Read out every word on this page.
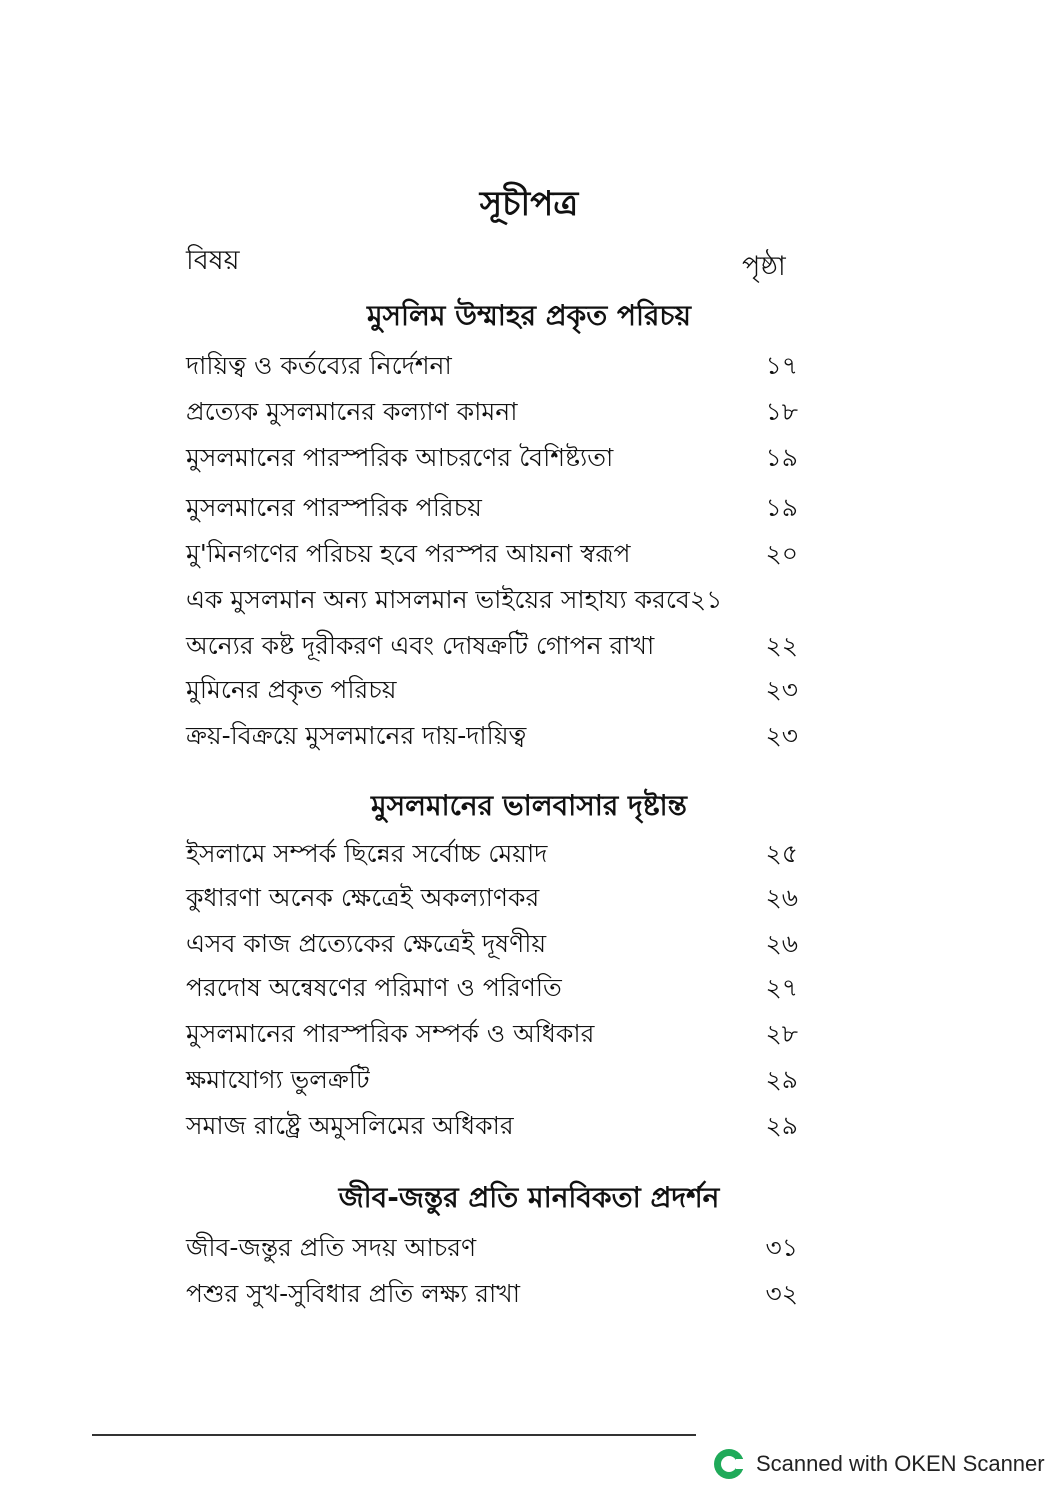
সূচীপত্র
বিষয়	পৃষ্ঠা
মুসলিম উম্মাহর প্রকৃত পরিচয়
দায়িত্ব ও কর্তব্যের নির্দেশনা	১৭
প্রত্যেক মুসলমানের কল্যাণ কামনা	১৮
মুসলমানের পারস্পরিক আচরণের বৈশিষ্ট্যতা	১৯
মুসলমানের পারস্পরিক পরিচয়	১৯
মু'মিনগণের পরিচয় হবে পরস্পর আয়না স্বরূপ	২০
এক মুসলমান অন্য মাসলমান ভাইয়ের সাহায্য করবে২১
অন্যের কষ্ট দূরীকরণ এবং দোষক্রটি গোপন রাখা	২২
মুমিনের প্রকৃত পরিচয়	২৩
ক্রয়-বিক্রয়ে মুসলমানের দায়-দায়িত্ব	২৩
মুসলমানের ভালবাসার দৃষ্টান্ত
ইসলামে সম্পর্ক ছিন্নের সর্বোচ্চ মেয়াদ	২৫
কুধারণা অনেক ক্ষেত্রেই অকল্যাণকর	২৬
এসব কাজ প্রত্যেকের ক্ষেত্রেই দূষণীয়	২৬
পরদোষ অন্বেষণের পরিমাণ ও পরিণতি	২৭
মুসলমানের পারস্পরিক সম্পর্ক ও অধিকার	২৮
ক্ষমাযোগ্য ভুলক্রটি	২৯
সমাজ রাষ্ট্রে অমুসলিমের অধিকার	২৯
জীব-জন্তুর প্রতি মানবিকতা প্রদর্শন
জীব-জন্তুর প্রতি সদয় আচরণ	৩১
পশুর সুখ-সুবিধার প্রতি লক্ষ্য রাখা	৩২
Scanned with OKEN Scanner
